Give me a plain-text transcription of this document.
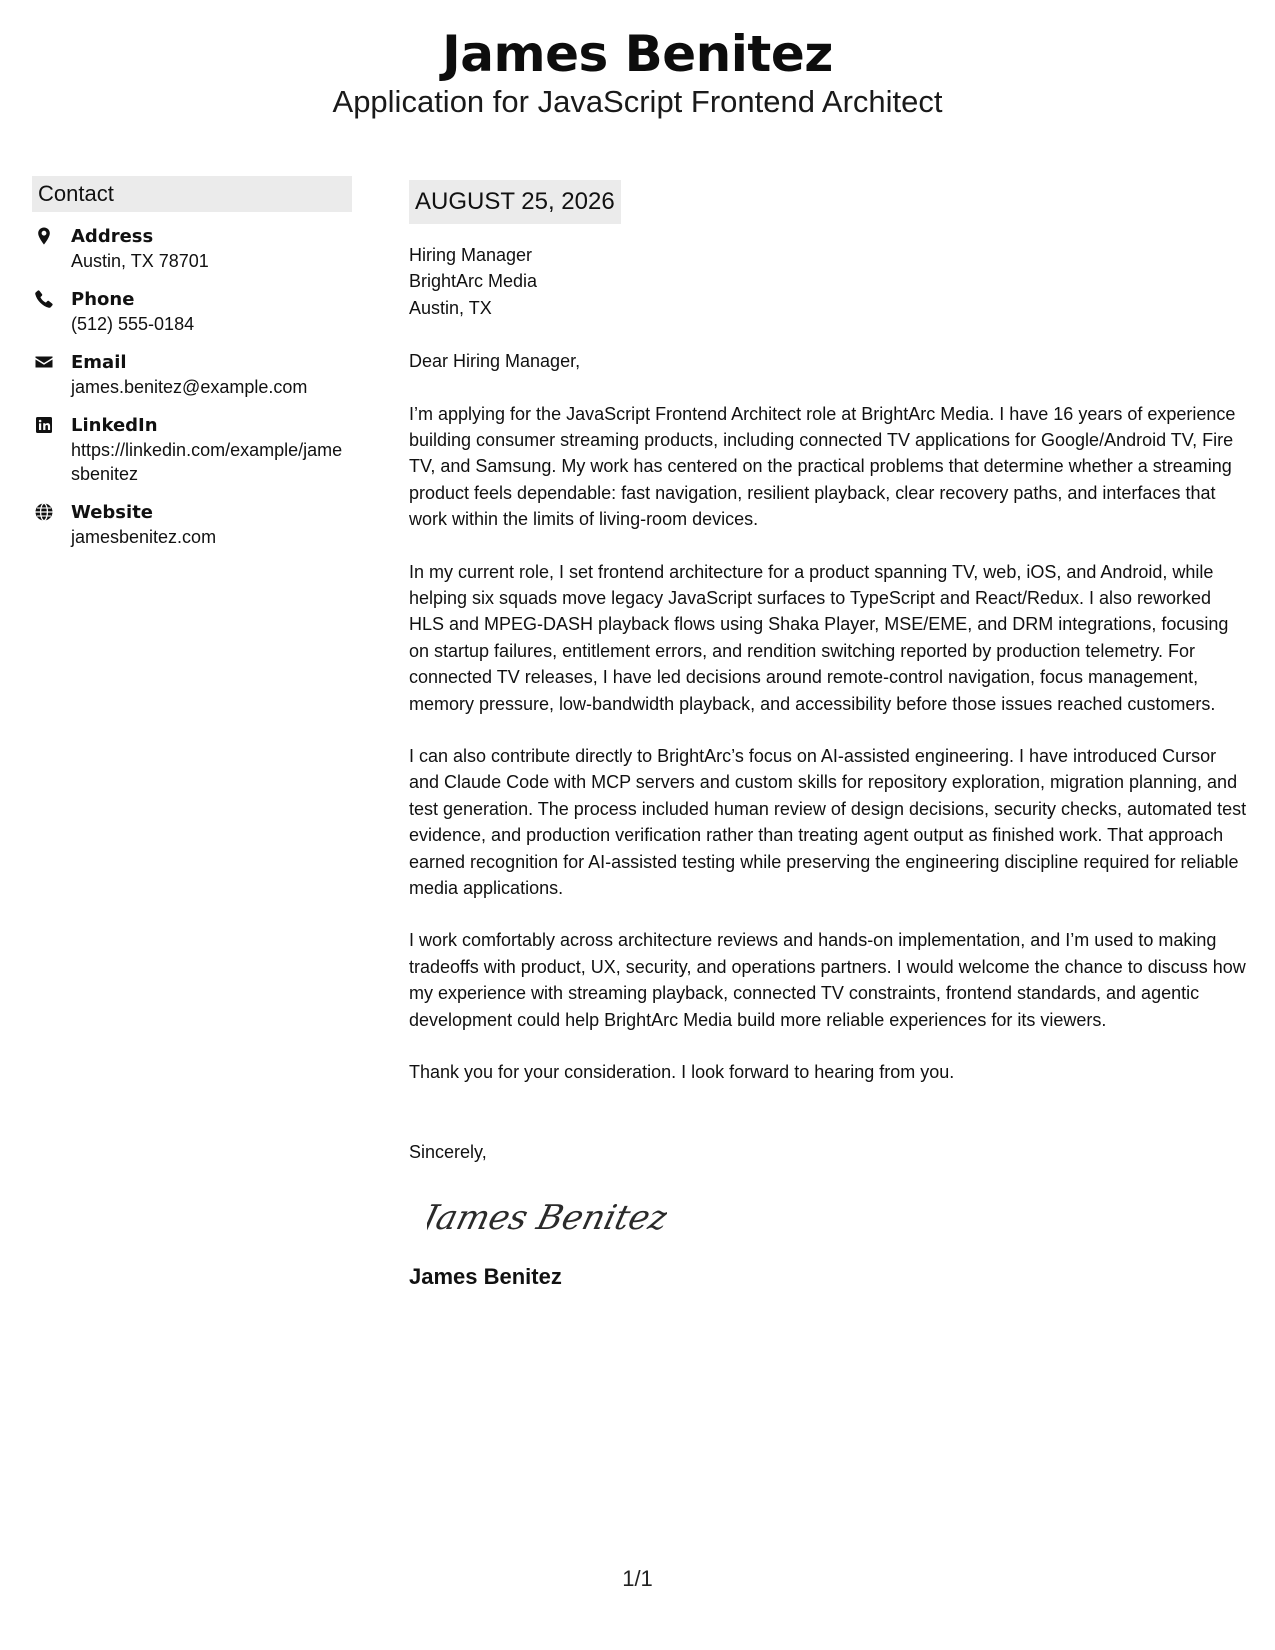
James Benitez
Application for JavaScript Frontend Architect
Contact
Address
Austin, TX 78701
Phone
(512) 555-0184
Email
james.benitez@example.com
LinkedIn
https://linkedin.com/example/jamesbenitez
Website
jamesbenitez.com
AUGUST 25, 2026
Hiring Manager
BrightArc Media
Austin, TX
Dear Hiring Manager,
I’m applying for the JavaScript Frontend Architect role at BrightArc Media. I have 16 years of experience building consumer streaming products, including connected TV applications for Google/Android TV, Fire TV, and Samsung. My work has centered on the practical problems that determine whether a streaming product feels dependable: fast navigation, resilient playback, clear recovery paths, and interfaces that work within the limits of living-room devices.
In my current role, I set frontend architecture for a product spanning TV, web, iOS, and Android, while helping six squads move legacy JavaScript surfaces to TypeScript and React/Redux. I also reworked HLS and MPEG-DASH playback flows using Shaka Player, MSE/EME, and DRM integrations, focusing on startup failures, entitlement errors, and rendition switching reported by production telemetry. For connected TV releases, I have led decisions around remote-control navigation, focus management, memory pressure, low-bandwidth playback, and accessibility before those issues reached customers.
I can also contribute directly to BrightArc’s focus on AI-assisted engineering. I have introduced Cursor and Claude Code with MCP servers and custom skills for repository exploration, migration planning, and test generation. The process included human review of design decisions, security checks, automated test evidence, and production verification rather than treating agent output as finished work. That approach earned recognition for AI-assisted testing while preserving the engineering discipline required for reliable media applications.
I work comfortably across architecture reviews and hands-on implementation, and I’m used to making tradeoffs with product, UX, security, and operations partners. I would welcome the chance to discuss how my experience with streaming playback, connected TV constraints, frontend standards, and agentic development could help BrightArc Media build more reliable experiences for its viewers.
Thank you for your consideration. I look forward to hearing from you.
Sincerely,
James Benitez
James Benitez
1/1
